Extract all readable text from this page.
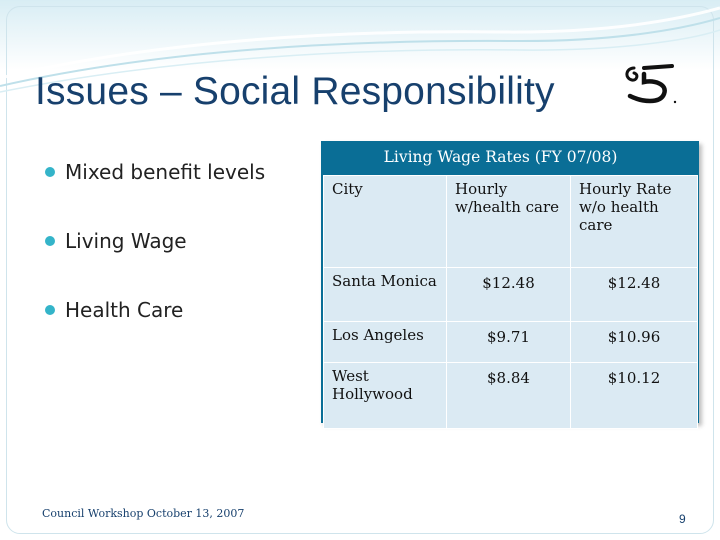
Issues – Social Responsibility
Mixed benefit levels
Living Wage
Health Care
Living Wage Rates (FY 07/08)		
City	Hourly w/health care	Hourly Rate w/o health care
Santa Monica	$12.48	$12.48
Los Angeles	$9.71	$10.96
West Hollywood	$8.84	$10.12
Council Workshop October 13, 2007	9
